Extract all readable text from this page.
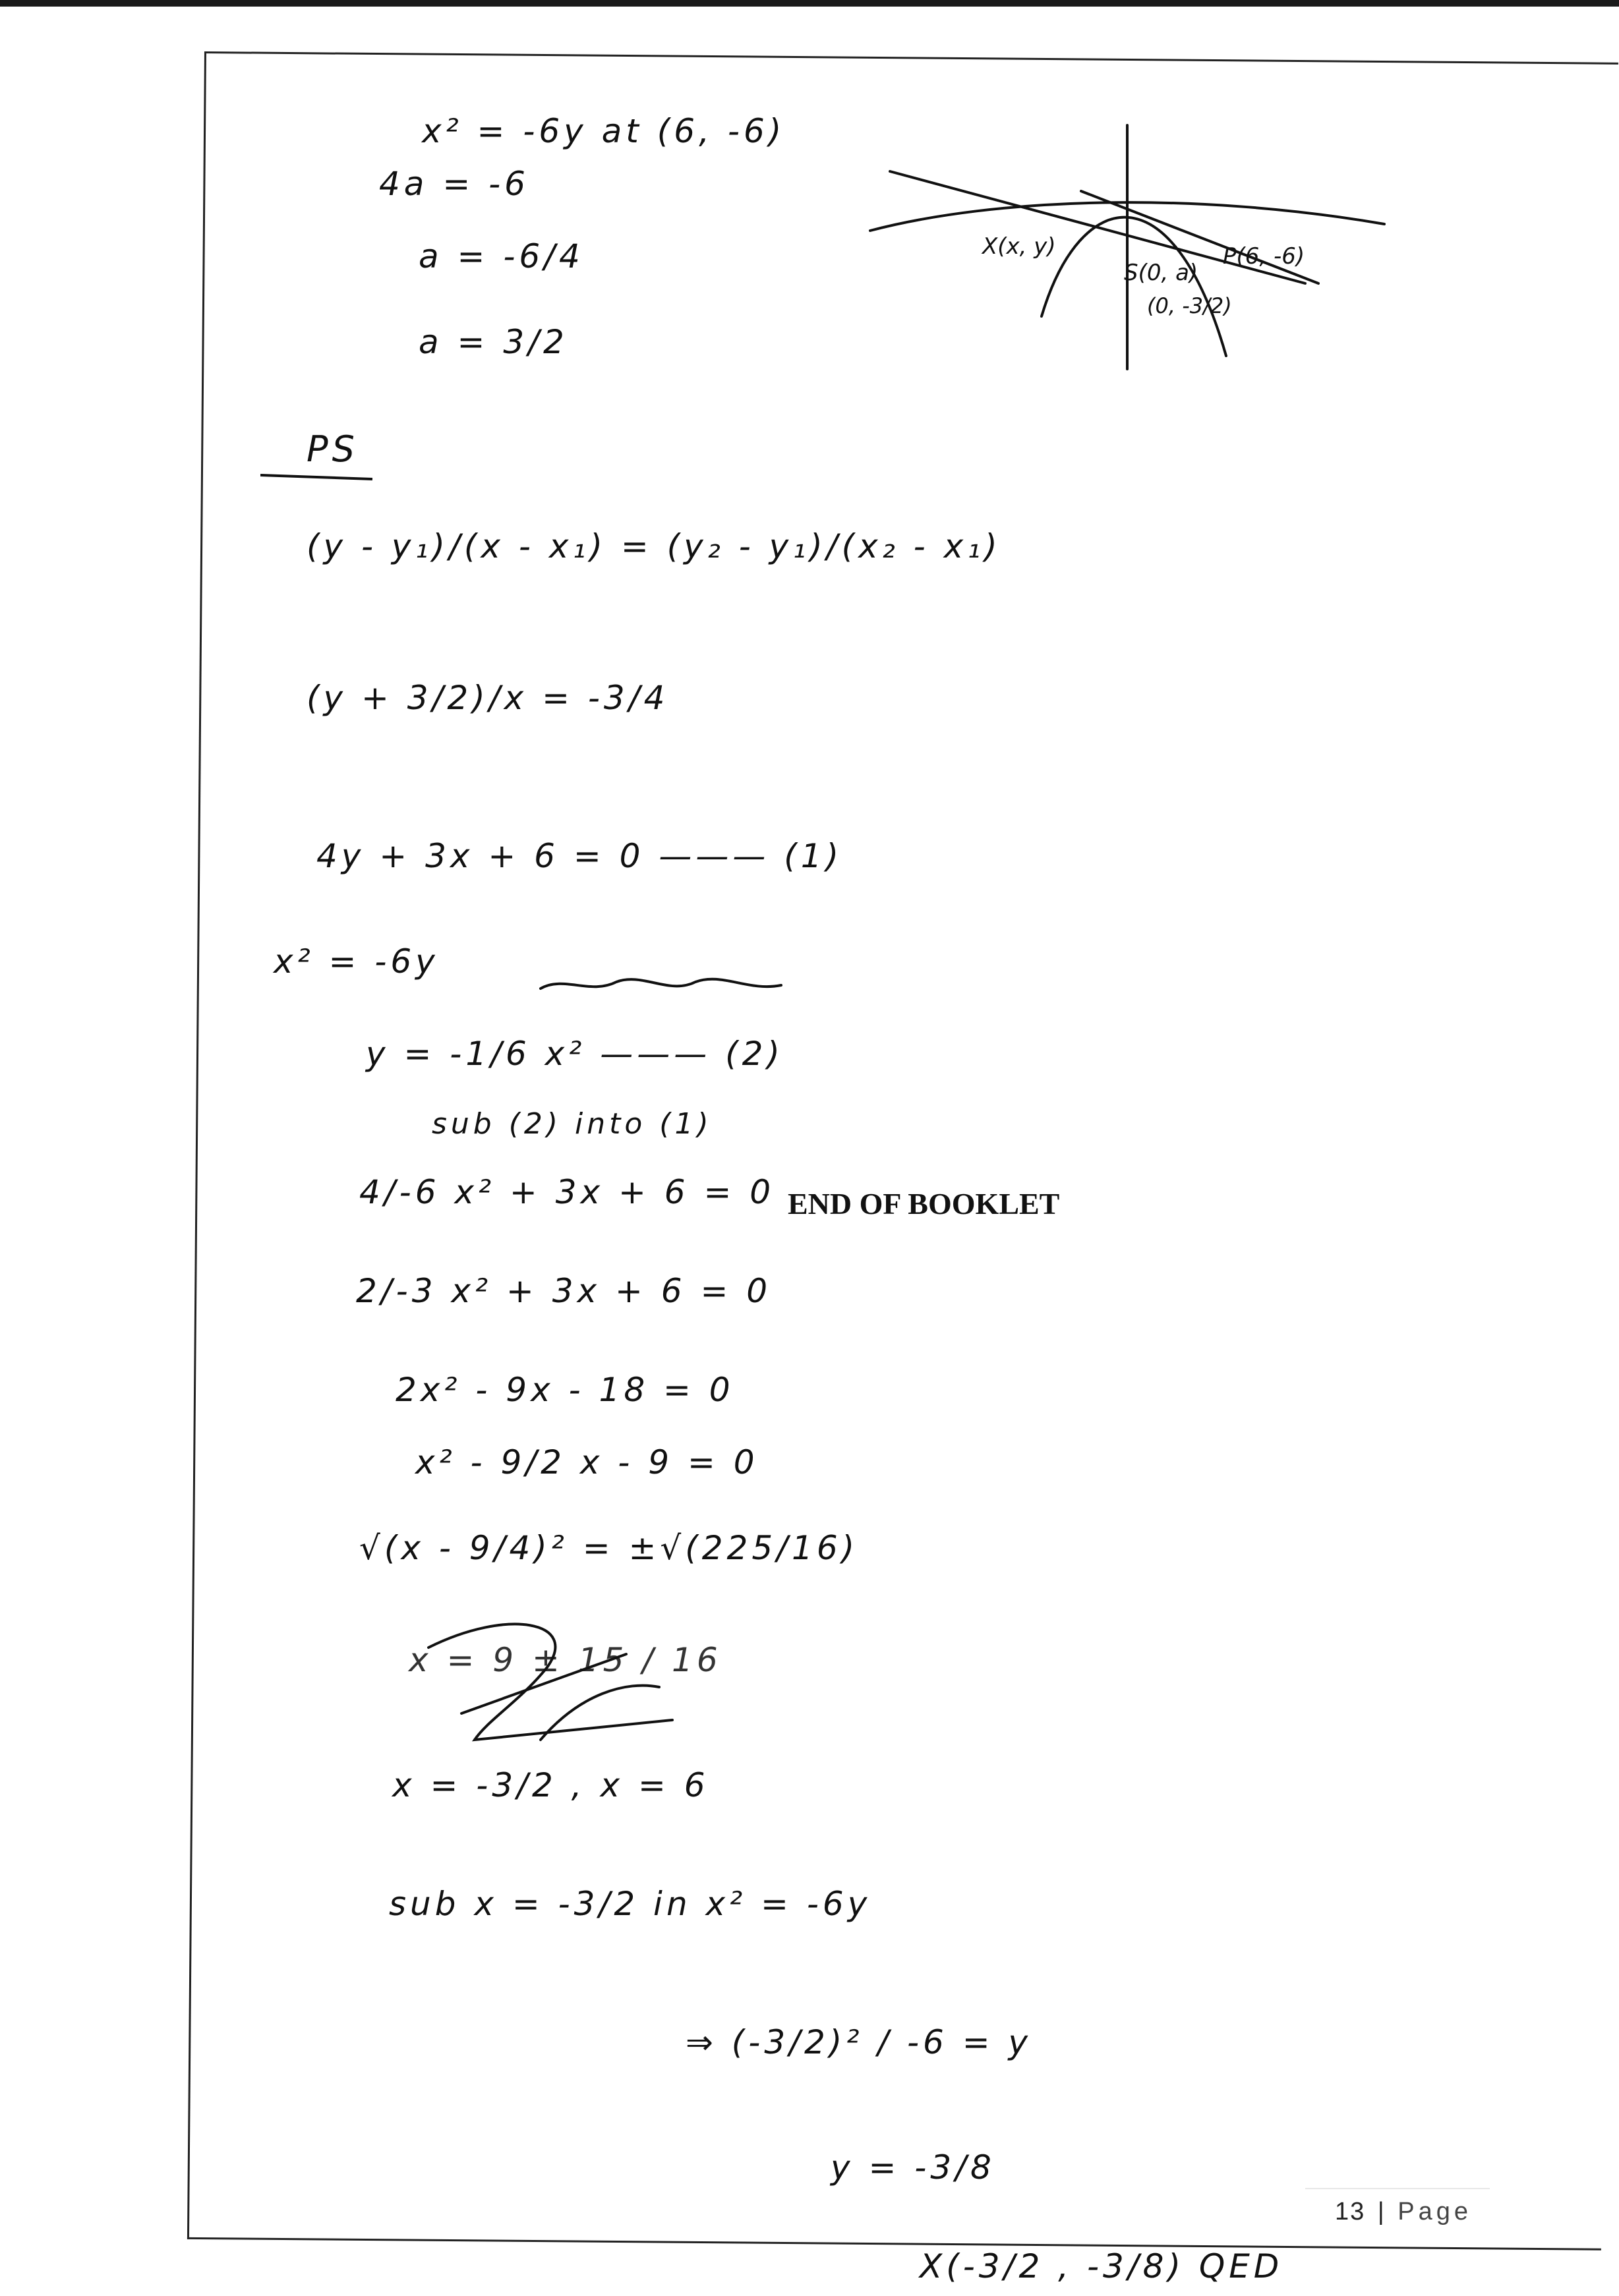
X(x, y)
S(0, a)
(0, -3/2)
P(6, -6)
x² = -6y at (6, -6)
4a = -6
a = -6/4
a = 3/2
PS
(y - y₁)/(x - x₁) = (y₂ - y₁)/(x₂ - x₁)
(y + 3/2)/x = -3/4
4y + 3x + 6 = 0 ——— (1)
x² = -6y
y = -1/6 x² ——— (2)
sub (2) into (1)
4/-6 x² + 3x + 6 = 0 END OF BOOKLET
2/-3 x² + 3x + 6 = 0
2x² - 9x - 18 = 0
x² - 9/2 x - 9 = 0
√(x - 9/4)² = ±√(225/16)
x = 9 ± 15 / 16
x = -3/2 , x = 6
sub x = -3/2 in x² = -6y
⇒ (-3/2)² / -6 = y
y = -3/8
X(-3/2 , -3/8) QED
13 | Page
